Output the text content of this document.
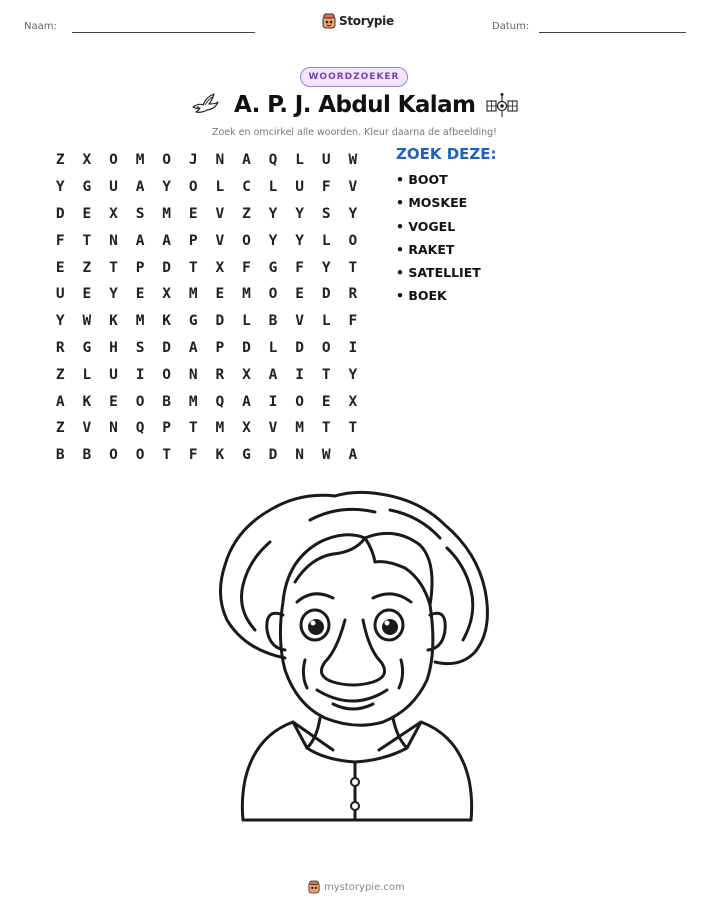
Naam:	Storypie	Datum:
WOORDZOEKER
A. P. J. Abdul Kalam
Zoek en omcirkel alle woorden. Kleur daarna de afbeelding!
Z	X	O	M	O	J	N	A	Q	L	U	W
Y	G	U	A	Y	O	L	C	L	U	F	V
D	E	X	S	M	E	V	Z	Y	Y	S	Y
F	T	N	A	A	P	V	O	Y	Y	L	O
E	Z	T	P	D	T	X	F	G	F	Y	T
U	E	Y	E	X	M	E	M	O	E	D	R
Y	W	K	M	K	G	D	L	B	V	L	F
R	G	H	S	D	A	P	D	L	D	O	I
Z	L	U	I	O	N	R	X	A	I	T	Y
A	K	E	O	B	M	Q	A	I	O	E	X
Z	V	N	Q	P	T	M	X	V	M	T	T
B	B	O	O	T	F	K	G	D	N	W	A
ZOEK DEZE:
• BOOT
• MOSKEE
• VOGEL
• RAKET
• SATELLIET
• BOEK
mystorypie.com
